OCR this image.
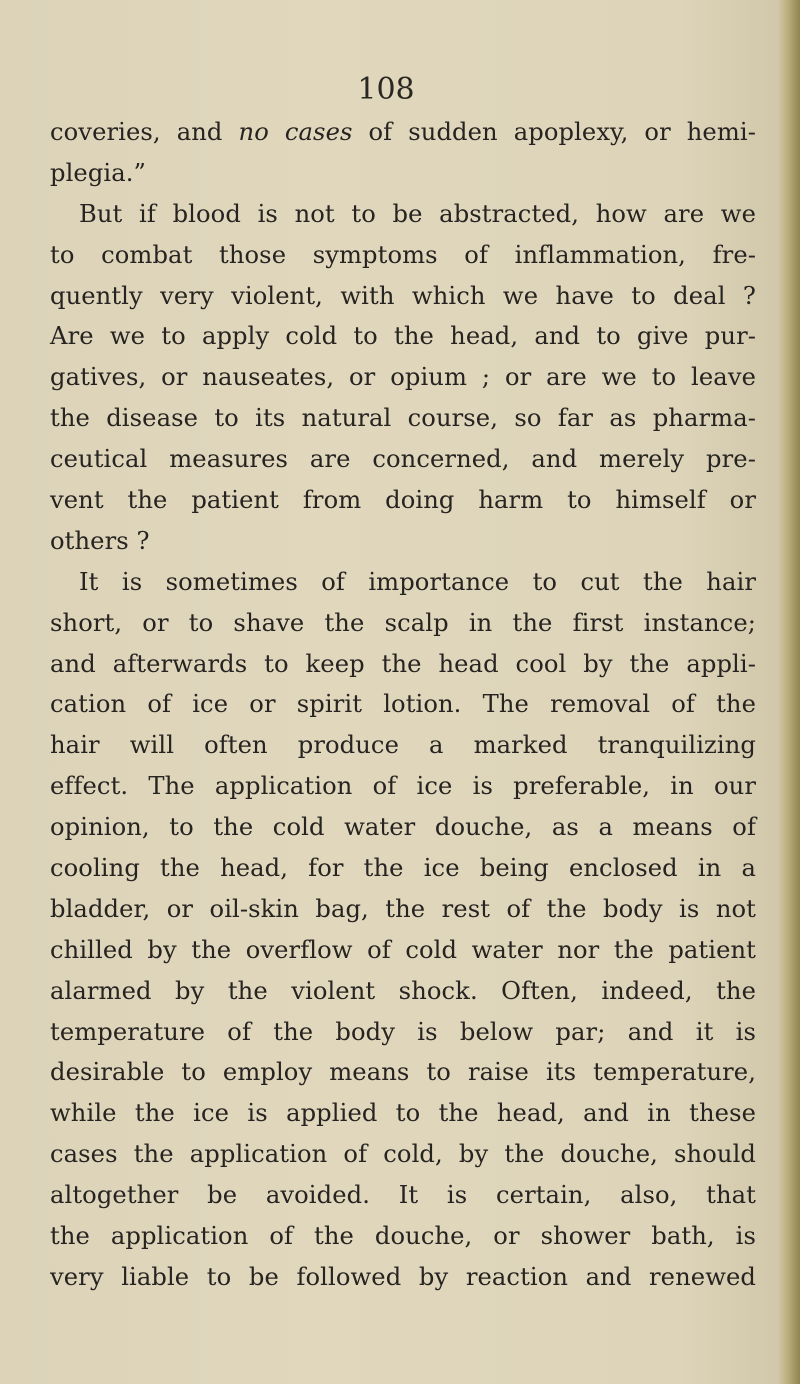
108
coveries, and no cases of sudden apoplexy, or hemi-
plegia.”
But if blood is not to be abstracted, how are we
to combat those symptoms of inflammation, fre-
quently very violent, with which we have to deal ?
Are we to apply cold to the head, and to give pur-
gatives, or nauseates, or opium ; or are we to leave
the disease to its natural course, so far as pharma-
ceutical measures are concerned, and merely pre-
vent the patient from doing harm to himself or
others ?
It is sometimes of importance to cut the hair
short, or to shave the scalp in the first instance;
and afterwards to keep the head cool by the appli-
cation of ice or spirit lotion. The removal of the
hair will often produce a marked tranquilizing
effect. The application of ice is preferable, in our
opinion, to the cold water douche, as a means of
cooling the head, for the ice being enclosed in a
bladder, or oil-skin bag, the rest of the body is not
chilled by the overflow of cold water nor the patient
alarmed by the violent shock. Often, indeed, the
temperature of the body is below par; and it is
desirable to employ means to raise its temperature,
while the ice is applied to the head, and in these
cases the application of cold, by the douche, should
altogether be avoided. It is certain, also, that
the application of the douche, or shower bath, is
very liable to be followed by reaction and renewed
